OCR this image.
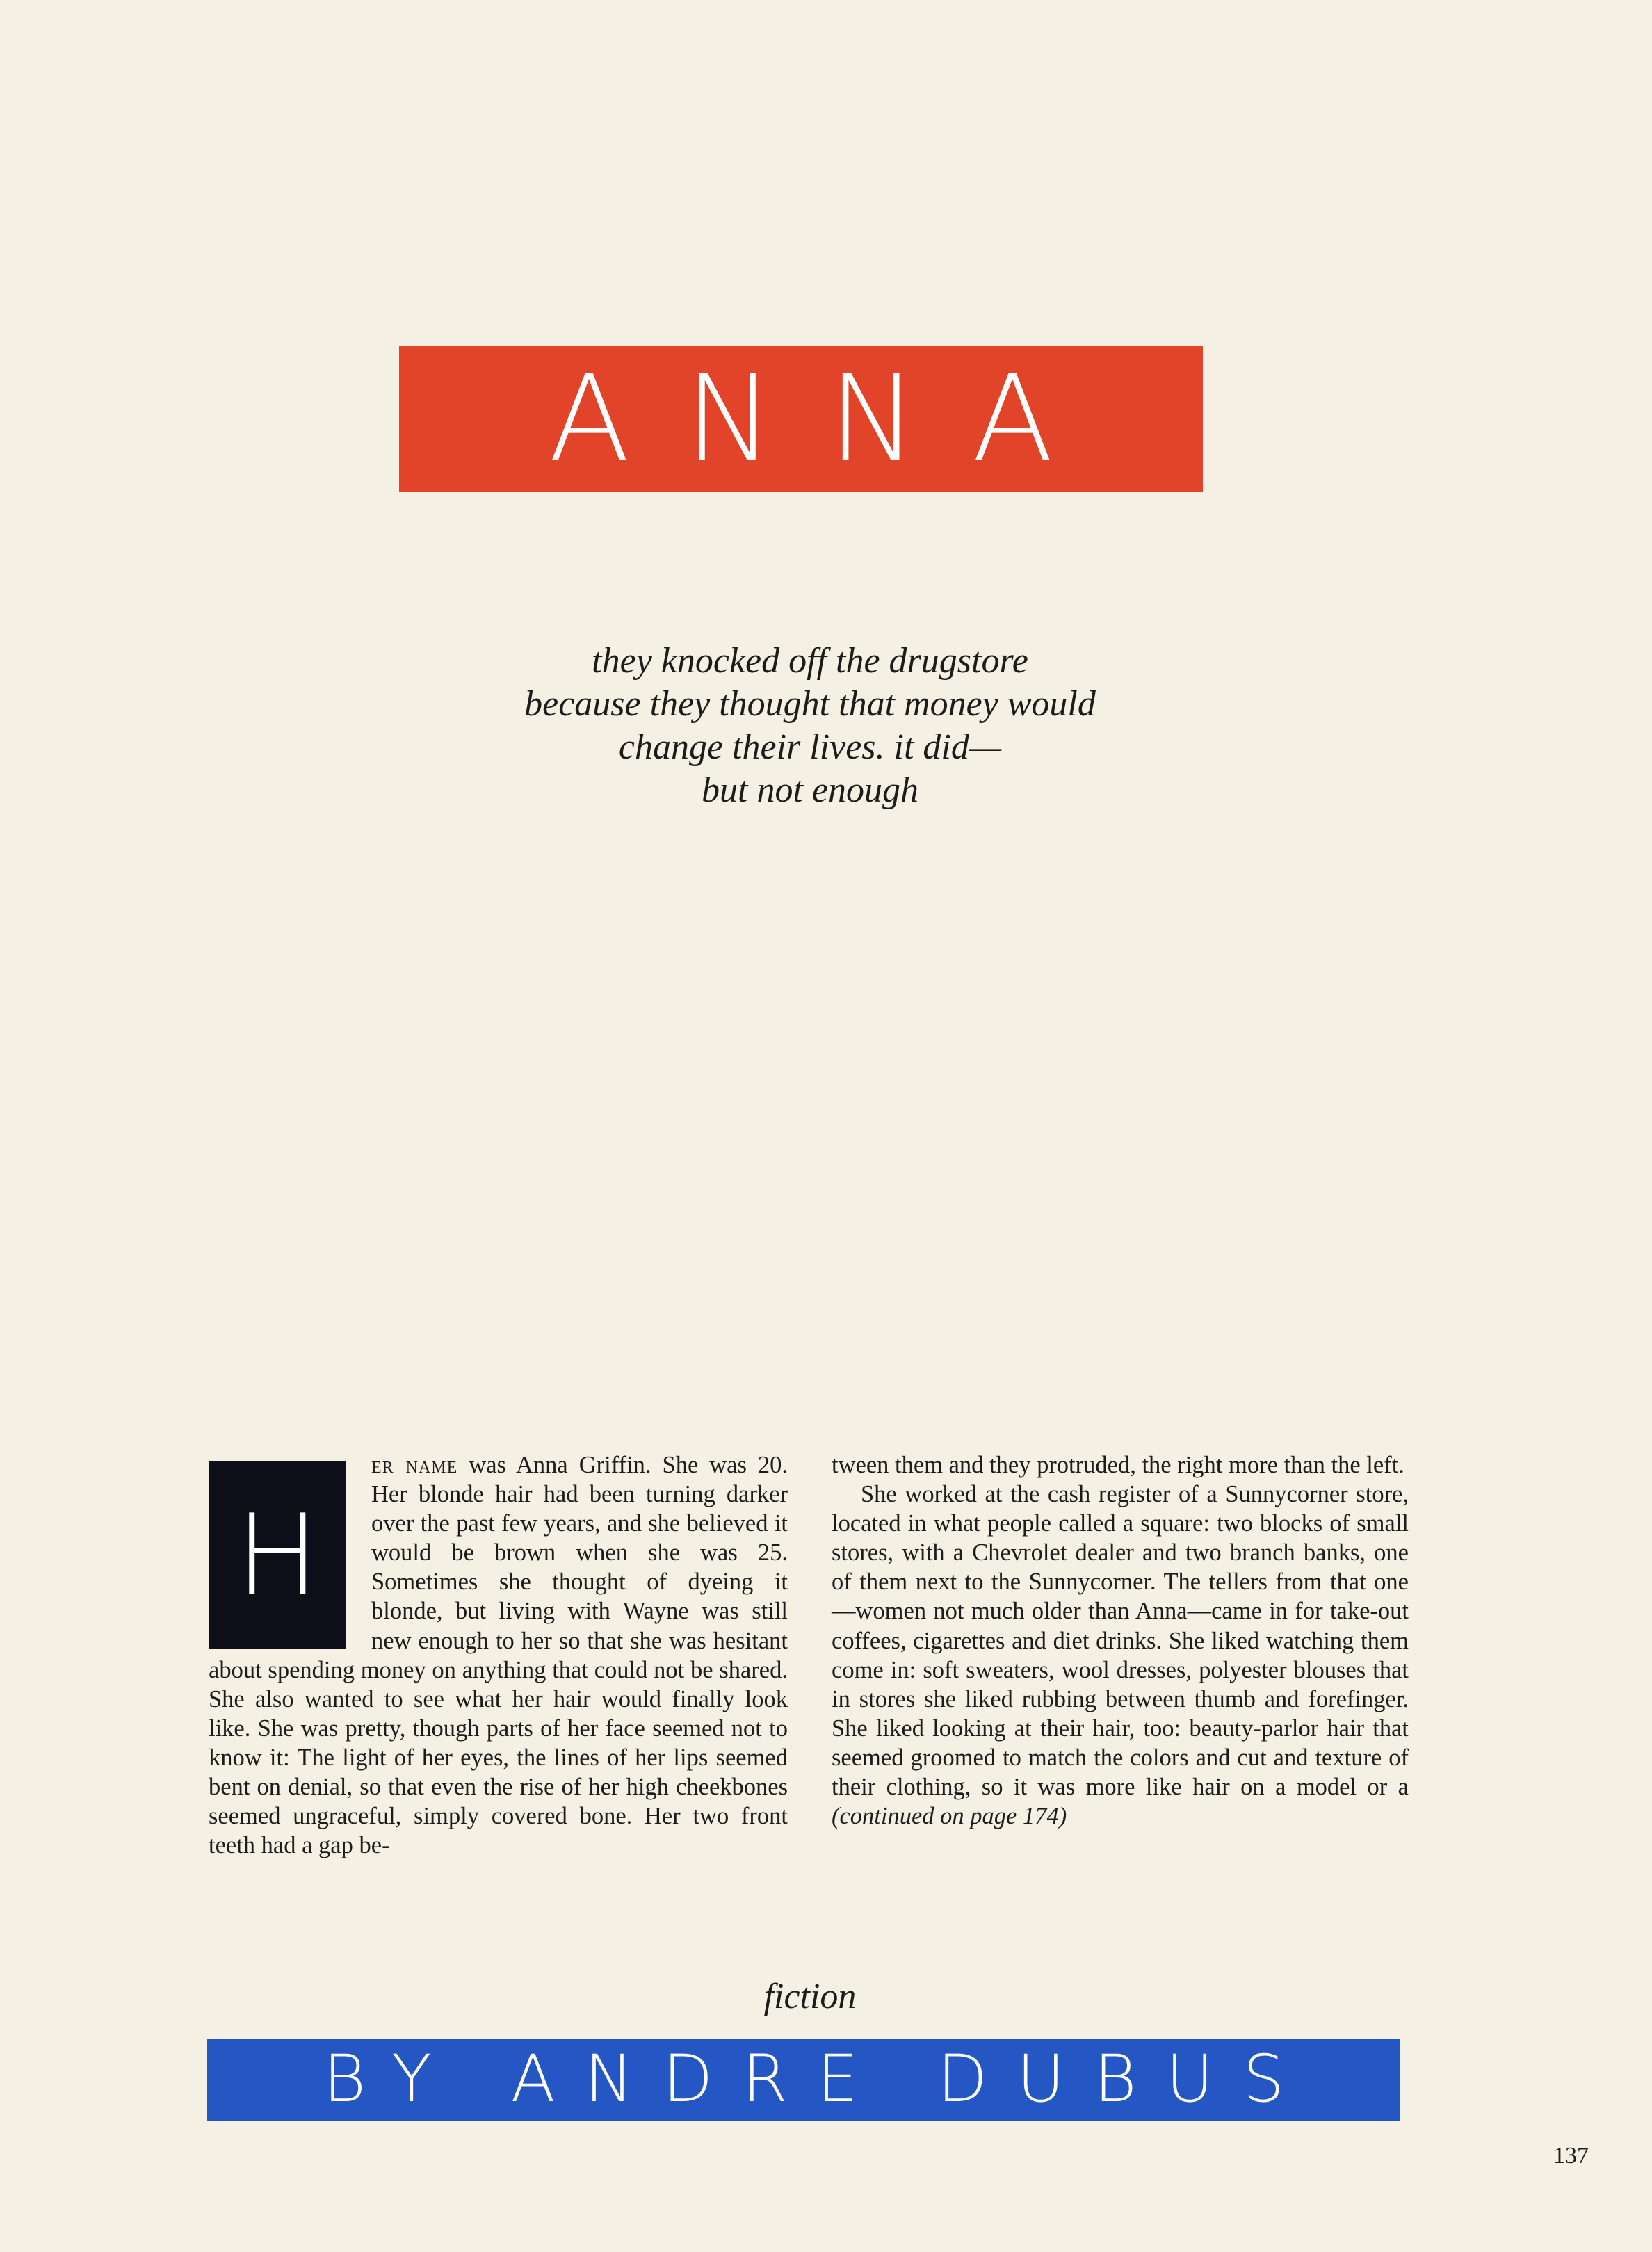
ANNA
they knocked off the drugstore
because they thought that money would
change their lives. it did—
but not enough
H

er name was Anna Griffin. She was 20. Her blonde hair had been turning darker over the past few years, and she believed it would be brown when she was 25. Sometimes she thought of dyeing it blonde, but living with Wayne was still new enough to her so that she was hesitant about spending money on anything that could not be shared. She also wanted to see what her hair would finally look like. She was pretty, though parts of her face seemed not to know it: The light of her eyes, the lines of her lips seemed bent on denial, so that even the rise of her high cheekbones seemed ungraceful, simply covered bone. Her two front teeth had a gap be-

tween them and they protruded, the right more than the left.

She worked at the cash register of a Sunnycorner store, located in what people called a square: two blocks of small stores, with a Chevrolet dealer and two branch banks, one of them next to the Sunnycorner. The tellers from that one—women not much older than Anna—came in for take-out coffees, cigarettes and diet drinks. She liked watching them come in: soft sweaters, wool dresses, polyester blouses that in stores she liked rubbing between thumb and forefinger. She liked looking at their hair, too: beauty-parlor hair that seemed groomed to match the colors and cut and texture of their clothing, so it was more like hair on a model or a (continued on page 174)

fiction
BY ANDRE DUBUS
137
